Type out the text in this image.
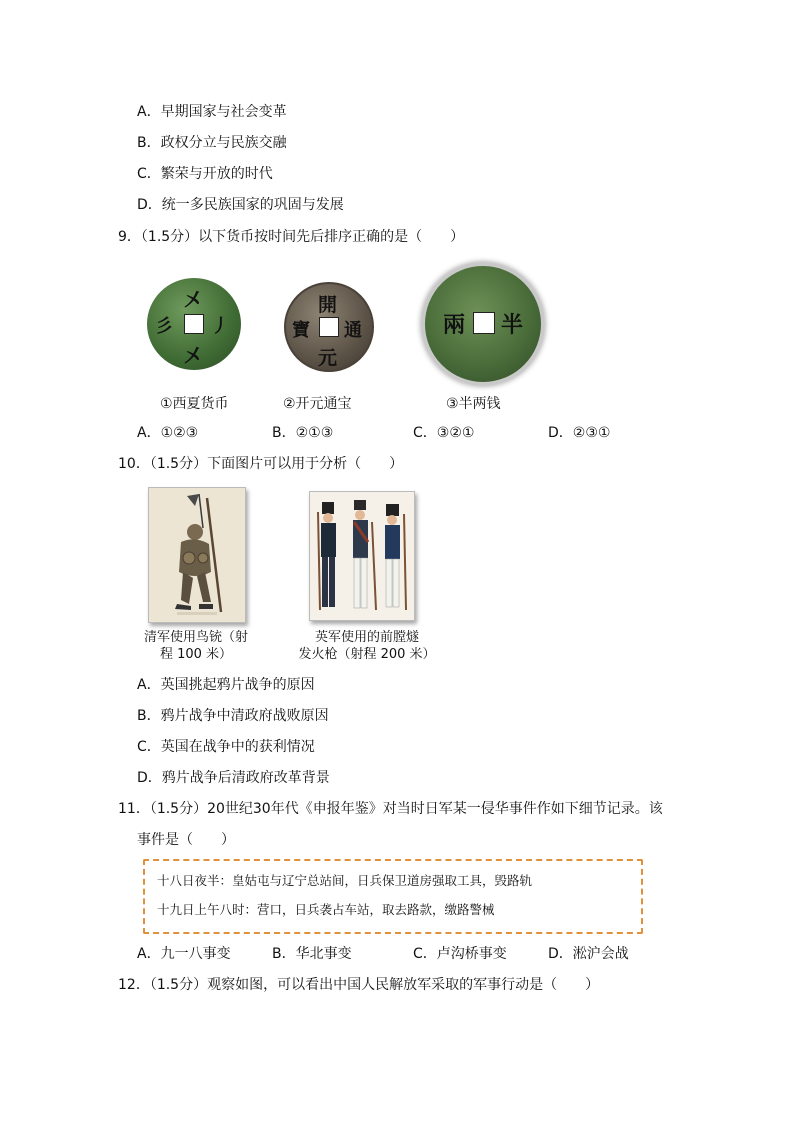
A．早期国家与社会变革
B．政权分立与民族交融
C．繁荣与开放的时代
D．统一多民族国家的巩固与发展
9．（1.5分）以下货币按时间先后排序正确的是（　　）
㐅
㐅
彡 丿
①西夏货币
開
元
通
寶
②开元通宝
半
兩
③半两钱
A．①②③	B．②①③	C．③②①	D．②③①
10．（1.5分）下面图片可以用于分析（　　）
清军使用鸟铳（射
程 100 米）
英军使用的前膛燧
发火枪（射程 200 米）
A．英国挑起鸦片战争的原因
B．鸦片战争中清政府战败原因
C．英国在战争中的获利情况
D．鸦片战争后清政府改革背景
11．（1.5分）20世纪30年代《申报年鉴》对当时日军某一侵华事件作如下细节记录。该
事件是（　　）
十八日夜半：皇姑屯与辽宁总站间，日兵保卫道房强取工具，毁路轨
十九日上午八时：营口，日兵袭占车站，取去路款，缴路警械
A．九一八事变	B．华北事变	C．卢沟桥事变	D．淞沪会战
12．（1.5分）观察如图，可以看出中国人民解放军采取的军事行动是（　　）
